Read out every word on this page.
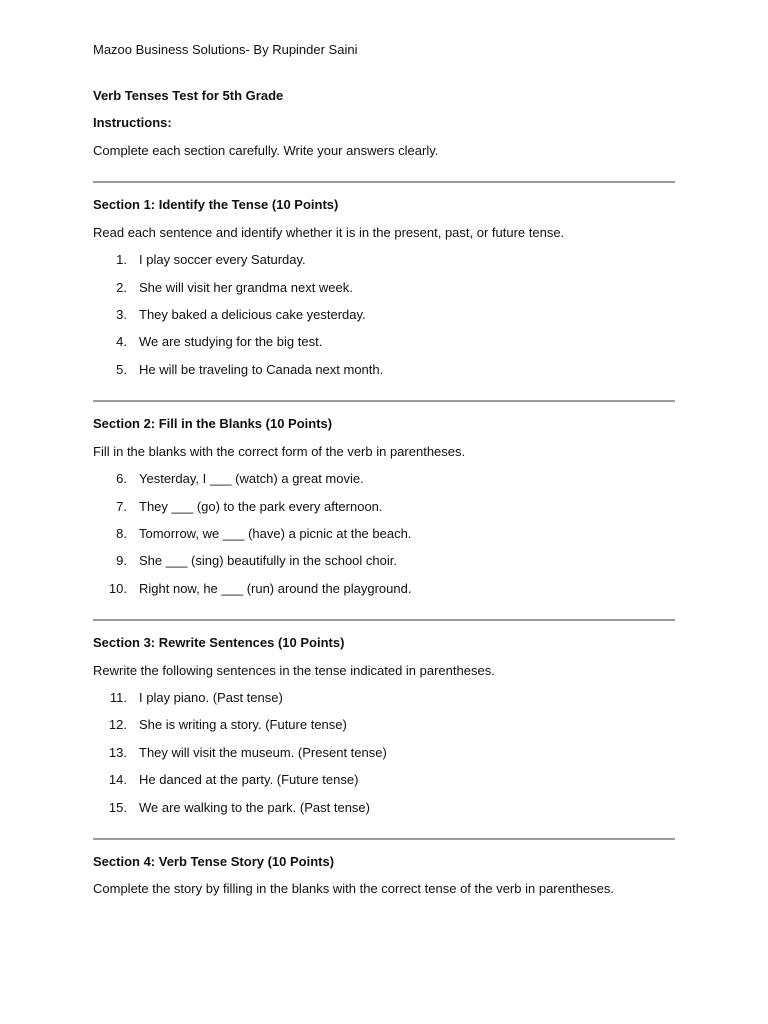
Mazoo Business Solutions- By Rupinder Saini
Verb Tenses Test for 5th Grade
Instructions:
Complete each section carefully. Write your answers clearly.
Section 1: Identify the Tense (10 Points)
Read each sentence and identify whether it is in the present, past, or future tense.
1. I play soccer every Saturday.
2. She will visit her grandma next week.
3. They baked a delicious cake yesterday.
4. We are studying for the big test.
5. He will be traveling to Canada next month.
Section 2: Fill in the Blanks (10 Points)
Fill in the blanks with the correct form of the verb in parentheses.
6. Yesterday, I ___ (watch) a great movie.
7. They ___ (go) to the park every afternoon.
8. Tomorrow, we ___ (have) a picnic at the beach.
9. She ___ (sing) beautifully in the school choir.
10. Right now, he ___ (run) around the playground.
Section 3: Rewrite Sentences (10 Points)
Rewrite the following sentences in the tense indicated in parentheses.
11. I play piano. (Past tense)
12. She is writing a story. (Future tense)
13. They will visit the museum. (Present tense)
14. He danced at the party. (Future tense)
15. We are walking to the park. (Past tense)
Section 4: Verb Tense Story (10 Points)
Complete the story by filling in the blanks with the correct tense of the verb in parentheses.
